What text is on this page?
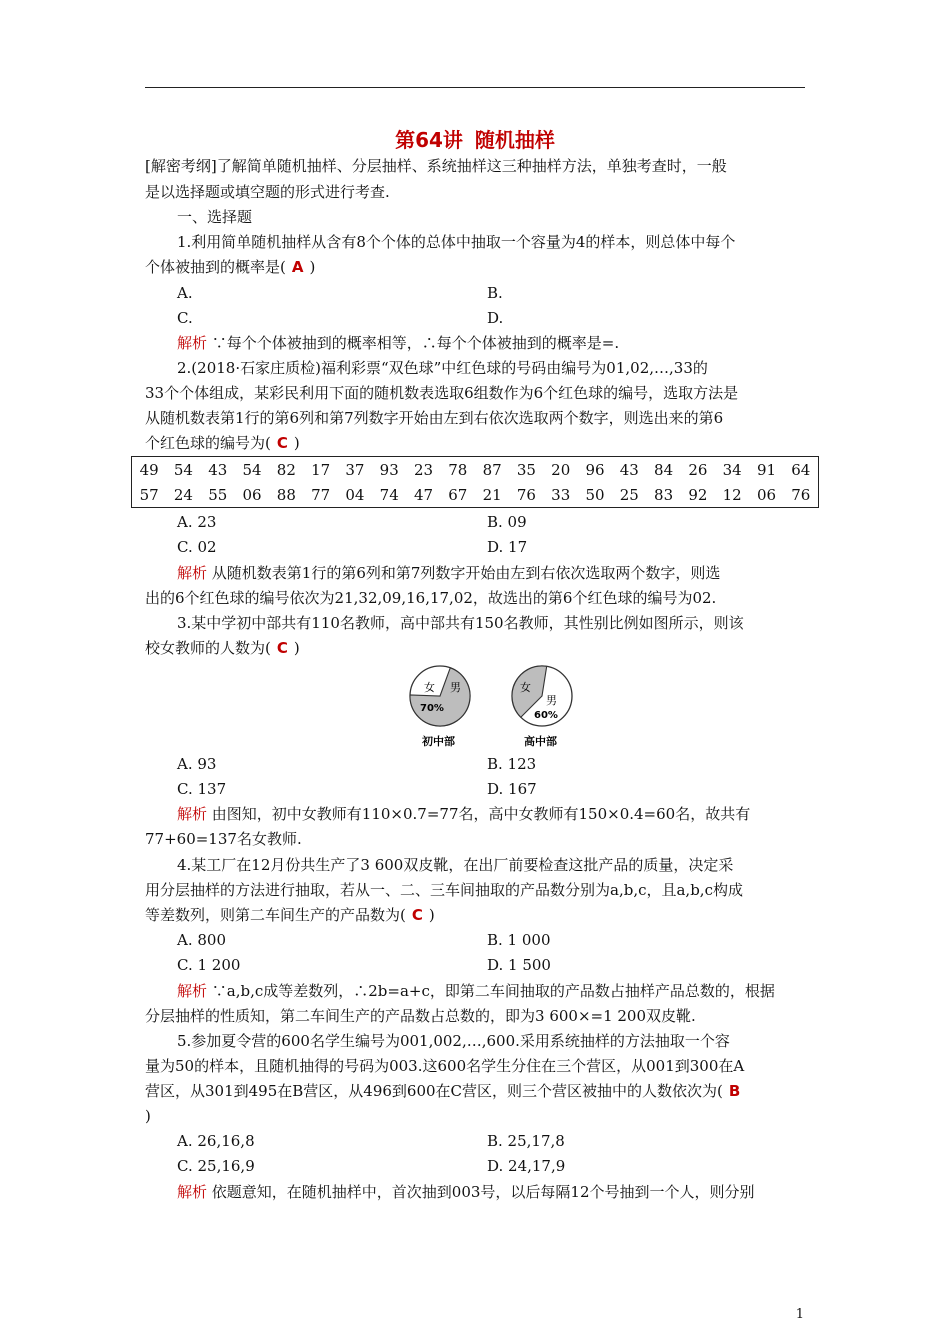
第64讲 随机抽样
[解密考纲]了解简单随机抽样、分层抽样、系统抽样这三种抽样方法，单独考查时，一般
是以选择题或填空题的形式进行考查.
一、选择题
1.利用简单随机抽样从含有8个个体的总体中抽取一个容量为4的样本，则总体中每个
个体被抽到的概率是( A )
A.	B.
C.	D.
解析 ∵每个个体被抽到的概率相等，∴每个个体被抽到的概率是=.
2.(2018·石家庄质检)福利彩票“双色球”中红色球的号码由编号为01,02,…,33的
33个个体组成，某彩民利用下面的随机数表选取6组数作为6个红色球的编号，选取方法是
从随机数表第1行的第6列和第7列数字开始由左到右依次选取两个数字，则选出来的第6
个红色球的编号为( C )
49	54	43	54	82	17	37	93	23	78	87	35	20	96	43	84	26	34	91	64
57	24	55	06	88	77	04	74	47	67	21	76	33	50	25	83	92	12	06	76
A. 23	B. 09
C. 02	D. 17
解析 从随机数表第1行的第6列和第7列数字开始由左到右依次选取两个数字，则选
出的6个红色球的编号依次为21,32,09,16,17,02，故选出的第6个红色球的编号为02.
3.某中学初中部共有110名教师，高中部共有150名教师，其性别比例如图所示，则该
校女教师的人数为( C )
女 男
70%
初中部
女
男
60%
高中部
A. 93	B. 123
C. 137	D. 167
解析 由图知，初中女教师有110×0.7=77名，高中女教师有150×0.4=60名，故共有
77+60=137名女教师.
4.某工厂在12月份共生产了3 600双皮靴，在出厂前要检查这批产品的质量，决定采
用分层抽样的方法进行抽取，若从一、二、三车间抽取的产品数分别为a,b,c，且a,b,c构成
等差数列，则第二车间生产的产品数为( C )
A. 800	B. 1 000
C. 1 200	D. 1 500
解析 ∵a,b,c成等差数列，∴2b=a+c，即第二车间抽取的产品数占抽样产品总数的，根据
分层抽样的性质知，第二车间生产的产品数占总数的，即为3 600×=1 200双皮靴.
5.参加夏令营的600名学生编号为001,002,…,600.采用系统抽样的方法抽取一个容
量为50的样本，且随机抽得的号码为003.这600名学生分住在三个营区，从001到300在A
营区，从301到495在B营区，从496到600在C营区，则三个营区被抽中的人数依次为( B
)
A. 26,16,8	B. 25,17,8
C. 25,16,9	D. 24,17,9
解析 依题意知，在随机抽样中，首次抽到003号，以后每隔12个号抽到一个人，则分别
1
